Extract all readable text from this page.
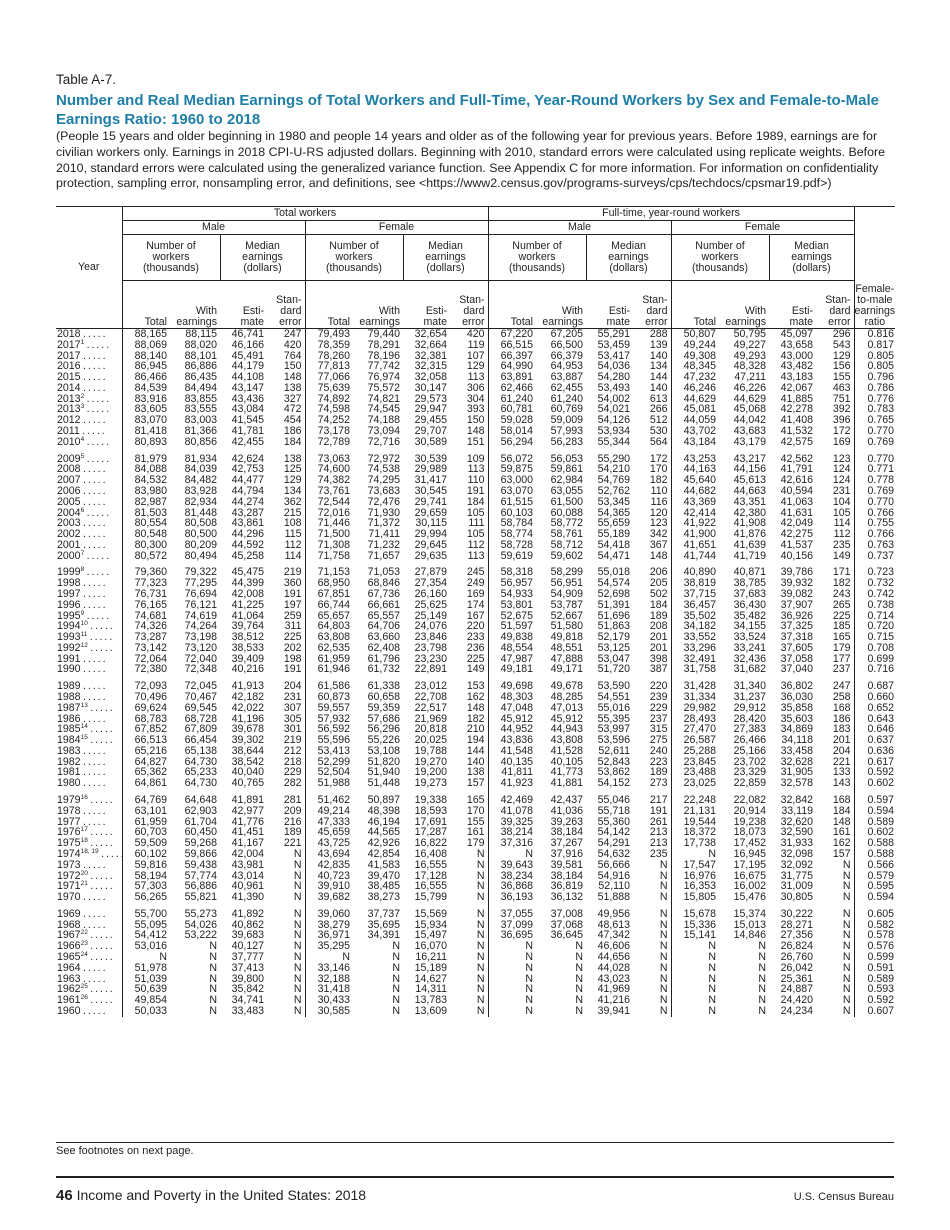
Table A-7.
Number and Real Median Earnings of Total Workers and Full-Time, Year-Round Workers by Sex and Female-to-Male Earnings Ratio: 1960 to 2018
(People 15 years and older beginning in 1980 and people 14 years and older as of the following year for previous years. Before 1989, earnings are for civilian workers only. Earnings in 2018 CPI-U-RS adjusted dollars. Beginning with 2010, standard errors were calculated using replicate weights. Before 2010, standard errors were calculated using the generalized variance function. See Appendix C for more information. For information on confidentiality protection, sampling error, nonsampling error, and definitions, see <https://www2.census.gov/programs-surveys/cps/techdocs/cpsmar19.pdf>)
Year	Total workers								Full-time, year-round workers								Female-to-male earnings ratio
	Male				Female				Male				Female				
	Number of workers (thousands)		Median earnings (dollars)		Number of workers (thousands)		Median earnings (dollars)		Number of workers (thousands)		Median earnings (dollars)		Number of workers (thousands)		Median earnings (dollars)		
	Total	With earnings	Esti- mate	Stan- dard error	Total	With earnings	Esti- mate	Stan- dard error	Total	With earnings	Esti- mate	Stan- dard error	Total	With earnings	Esti- mate	Stan- dard error	
2018 . . . . .	88,165	88,115	46,741	247	79,493	79,440	32,654	420	67,220	67,205	55,291	288	50,807	50,795	45,097	296	0.816
2017$^1$ . . . . .	88,069	88,020	46,166	420	78,359	78,291	32,664	119	66,515	66,500	53,459	139	49,244	49,227	43,658	543	0.817
2017 . . . . .	88,140	88,101	45,491	764	78,260	78,196	32,381	107	66,397	66,379	53,417	140	49,308	49,293	43,000	129	0.805
2016 . . . . .	86,945	86,886	44,179	150	77,813	77,742	32,315	129	64,990	64,953	54,036	134	48,345	48,328	43,482	156	0.805
2015 . . . . .	86,466	86,435	44,108	148	77,066	76,974	32,058	113	63,891	63,887	54,280	144	47,232	47,211	43,183	155	0.796
2014 . . . . .	84,539	84,494	43,147	138	75,639	75,572	30,147	306	62,466	62,455	53,493	140	46,246	46,226	42,067	463	0.786
2013$^2$ . . . . .	83,916	83,855	43,436	327	74,892	74,821	29,573	304	61,240	61,240	54,002	613	44,629	44,629	41,885	751	0.776
2013$^3$ . . . . .	83,605	83,555	43,084	472	74,598	74,545	29,947	393	60,781	60,769	54,021	266	45,081	45,068	42,278	392	0.783
2012 . . . . .	83,070	83,003	41,545	454	74,252	74,188	29,455	150	59,028	59,009	54,126	512	44,059	44,042	41,408	396	0.765
2011 . . . . .	81,418	81,366	41,781	186	73,178	73,094	29,707	148	58,014	57,993	53,934	530	43,702	43,683	41,532	172	0.770
2010$^4$ . . . . .	80,893	80,856	42,455	184	72,789	72,716	30,589	151	56,294	56,283	55,344	564	43,184	43,179	42,575	169	0.769
2009$^5$ . . . . .	81,979	81,934	42,624	138	73,063	72,972	30,539	109	56,072	56,053	55,290	172	43,253	43,217	42,562	123	0.770
2008 . . . . .	84,088	84,039	42,753	125	74,600	74,538	29,989	113	59,875	59,861	54,210	170	44,163	44,156	41,791	124	0.771
2007 . . . . .	84,532	84,482	44,477	129	74,382	74,295	31,417	110	63,000	62,984	54,769	182	45,640	45,613	42,616	124	0.778
2006 . . . . .	83,980	83,928	44,794	134	73,761	73,683	30,545	191	63,070	63,055	52,762	110	44,682	44,663	40,594	231	0.769
2005 . . . . .	82,987	82,934	44,274	362	72,544	72,476	29,741	184	61,515	61,500	53,345	116	43,369	43,351	41,063	104	0.770
2004$^6$ . . . . .	81,503	81,448	43,287	215	72,016	71,930	29,659	105	60,103	60,088	54,365	120	42,414	42,380	41,631	105	0.766
2003 . . . . .	80,554	80,508	43,861	108	71,446	71,372	30,115	111	58,784	58,772	55,659	123	41,922	41,908	42,049	114	0.755
2002 . . . . .	80,548	80,500	44,296	115	71,500	71,411	29,994	105	58,774	58,761	55,189	342	41,900	41,876	42,275	112	0.766
2001 . . . . .	80,300	80,209	44,592	112	71,308	71,232	29,645	112	58,728	58,712	54,418	367	41,651	41,639	41,537	235	0.763
2000$^7$ . . . . .	80,572	80,494	45,258	114	71,758	71,657	29,635	113	59,619	59,602	54,471	148	41,744	41,719	40,156	149	0.737
1999$^8$ . . . . .	79,360	79,322	45,475	219	71,153	71,053	27,879	245	58,318	58,299	55,018	206	40,890	40,871	39,786	171	0.723
1998 . . . . .	77,323	77,295	44,399	360	68,950	68,846	27,354	249	56,957	56,951	54,574	205	38,819	38,785	39,932	182	0.732
1997 . . . . .	76,731	76,694	42,008	191	67,851	67,736	26,160	169	54,933	54,909	52,698	502	37,715	37,683	39,082	243	0.742
1996 . . . . .	76,165	76,121	41,225	197	66,744	66,661	25,625	174	53,801	53,787	51,391	184	36,457	36,430	37,907	265	0.738
1995$^9$ . . . . .	74,681	74,619	41,064	259	65,657	65,557	25,149	167	52,675	52,667	51,696	189	35,502	35,482	36,926	225	0.714
1994$^{10}$ . . . . .	74,326	74,264	39,764	311	64,803	64,706	24,076	220	51,597	51,580	51,863	208	34,182	34,155	37,325	185	0.720
1993$^{11}$ . . . . .	73,287	73,198	38,512	225	63,808	63,660	23,846	233	49,838	49,818	52,179	201	33,552	33,524	37,318	165	0.715
1992$^{12}$ . . . . .	73,142	73,120	38,533	202	62,535	62,408	23,798	236	48,554	48,551	53,125	201	33,296	33,241	37,605	179	0.708
1991 . . . . .	72,064	72,040	39,409	198	61,959	61,796	23,230	225	47,987	47,888	53,047	398	32,491	32,436	37,058	177	0.699
1990 . . . . .	72,380	72,348	40,216	191	61,946	61,732	22,891	149	49,181	49,171	51,720	387	31,758	31,682	37,040	237	0.716
1989 . . . . .	72,093	72,045	41,913	204	61,586	61,338	23,012	153	49,698	49,678	53,590	220	31,428	31,340	36,802	247	0.687
1988 . . . . .	70,496	70,467	42,182	231	60,873	60,658	22,708	162	48,303	48,285	54,551	239	31,334	31,237	36,030	258	0.660
1987$^{13}$ . . . . .	69,624	69,545	42,022	307	59,557	59,359	22,517	148	47,048	47,013	55,016	229	29,982	29,912	35,858	168	0.652
1986 . . . . .	68,783	68,728	41,196	305	57,932	57,686	21,969	182	45,912	45,912	55,395	237	28,493	28,420	35,603	186	0.643
1985$^{14}$ . . . . .	67,852	67,809	39,678	301	56,592	56,296	20,818	210	44,952	44,943	53,997	315	27,470	27,383	34,869	183	0.646
1984$^{15}$ . . . . .	66,513	66,454	39,302	219	55,596	55,226	20,025	194	43,836	43,808	53,596	275	26,587	26,466	34,118	201	0.637
1983 . . . . .	65,216	65,138	38,644	212	53,413	53,108	19,788	144	41,548	41,528	52,611	240	25,288	25,166	33,458	204	0.636
1982 . . . . .	64,827	64,730	38,542	218	52,299	51,820	19,270	140	40,135	40,105	52,843	223	23,845	23,702	32,628	221	0.617
1981 . . . . .	65,362	65,233	40,040	229	52,504	51,940	19,200	138	41,811	41,773	53,862	189	23,488	23,329	31,905	133	0.592
1980 . . . . .	64,861	64,730	40,765	282	51,988	51,448	19,273	157	41,923	41,881	54,152	273	23,025	22,859	32,578	143	0.602
1979$^{16}$ . . . . .	64,769	64,648	41,891	281	51,462	50,897	19,338	165	42,469	42,437	55,046	217	22,248	22,082	32,842	168	0.597
1978 . . . . .	63,101	62,903	42,977	209	49,214	48,398	18,593	170	41,078	41,036	55,718	191	21,131	20,914	33,119	184	0.594
1977 . . . . .	61,959	61,704	41,776	216	47,333	46,194	17,691	155	39,325	39,263	55,360	261	19,544	19,238	32,620	148	0.589
1976$^{17}$ . . . . .	60,703	60,450	41,451	189	45,659	44,565	17,287	161	38,214	38,184	54,142	213	18,372	18,073	32,590	161	0.602
1975$^{18}$ . . . . .	59,509	59,268	41,167	221	43,725	42,926	16,822	179	37,316	37,267	54,291	213	17,738	17,452	31,933	162	0.588
1974$^{18, 19}$ . . . . .	60,102	59,866	42,004	N	43,694	42,854	16,408	N	N	37,916	54,632	235	N	16,945	32,098	157	0.588
1973 . . . . .	59,816	59,438	43,981	N	42,835	41,583	16,555	N	39,643	39,581	56,666	N	17,547	17,195	32,092	N	0.566
1972$^{20}$ . . . . .	58,194	57,774	43,014	N	40,723	39,470	17,128	N	38,234	38,184	54,916	N	16,976	16,675	31,775	N	0.579
1971$^{21}$ . . . . .	57,303	56,886	40,961	N	39,910	38,485	16,555	N	36,868	36,819	52,110	N	16,353	16,002	31,009	N	0.595
1970 . . . . .	56,265	55,821	41,390	N	39,682	38,273	15,799	N	36,193	36,132	51,888	N	15,805	15,476	30,805	N	0.594
1969 . . . . .	55,700	55,273	41,892	N	39,060	37,737	15,569	N	37,055	37,008	49,956	N	15,678	15,374	30,222	N	0.605
1968 . . . . .	55,095	54,026	40,862	N	38,279	35,695	15,934	N	37,099	37,068	48,613	N	15,336	15,013	28,271	N	0.582
1967$^{22}$ . . . . .	54,412	53,222	39,683	N	36,971	34,391	15,497	N	36,695	36,645	47,342	N	15,141	14,846	27,356	N	0.578
1966$^{23}$ . . . . .	53,016	N	40,127	N	35,295	N	16,070	N	N	N	46,606	N	N	N	26,824	N	0.576
1965$^{24}$ . . . . .	N	N	37,777	N	N	N	16,211	N	N	N	44,656	N	N	N	26,760	N	0.599
1964 . . . . .	51,978	N	37,413	N	33,146	N	15,189	N	N	N	44,028	N	N	N	26,042	N	0.591
1963 . . . . .	51,039	N	39,800	N	32,188	N	14,627	N	N	N	43,023	N	N	N	25,361	N	0.589
1962$^{25}$ . . . . .	50,639	N	35,842	N	31,418	N	14,311	N	N	N	41,969	N	N	N	24,887	N	0.593
1961$^{26}$ . . . . .	49,854	N	34,741	N	30,433	N	13,783	N	N	N	41,216	N	N	N	24,420	N	0.592
1960 . . . . .	50,033	N	33,483	N	30,585	N	13,609	N	N	N	39,941	N	N	N	24,234	N	0.607
See footnotes on next page.
46 Income and Poverty in the United States: 2018	U.S. Census Bureau
